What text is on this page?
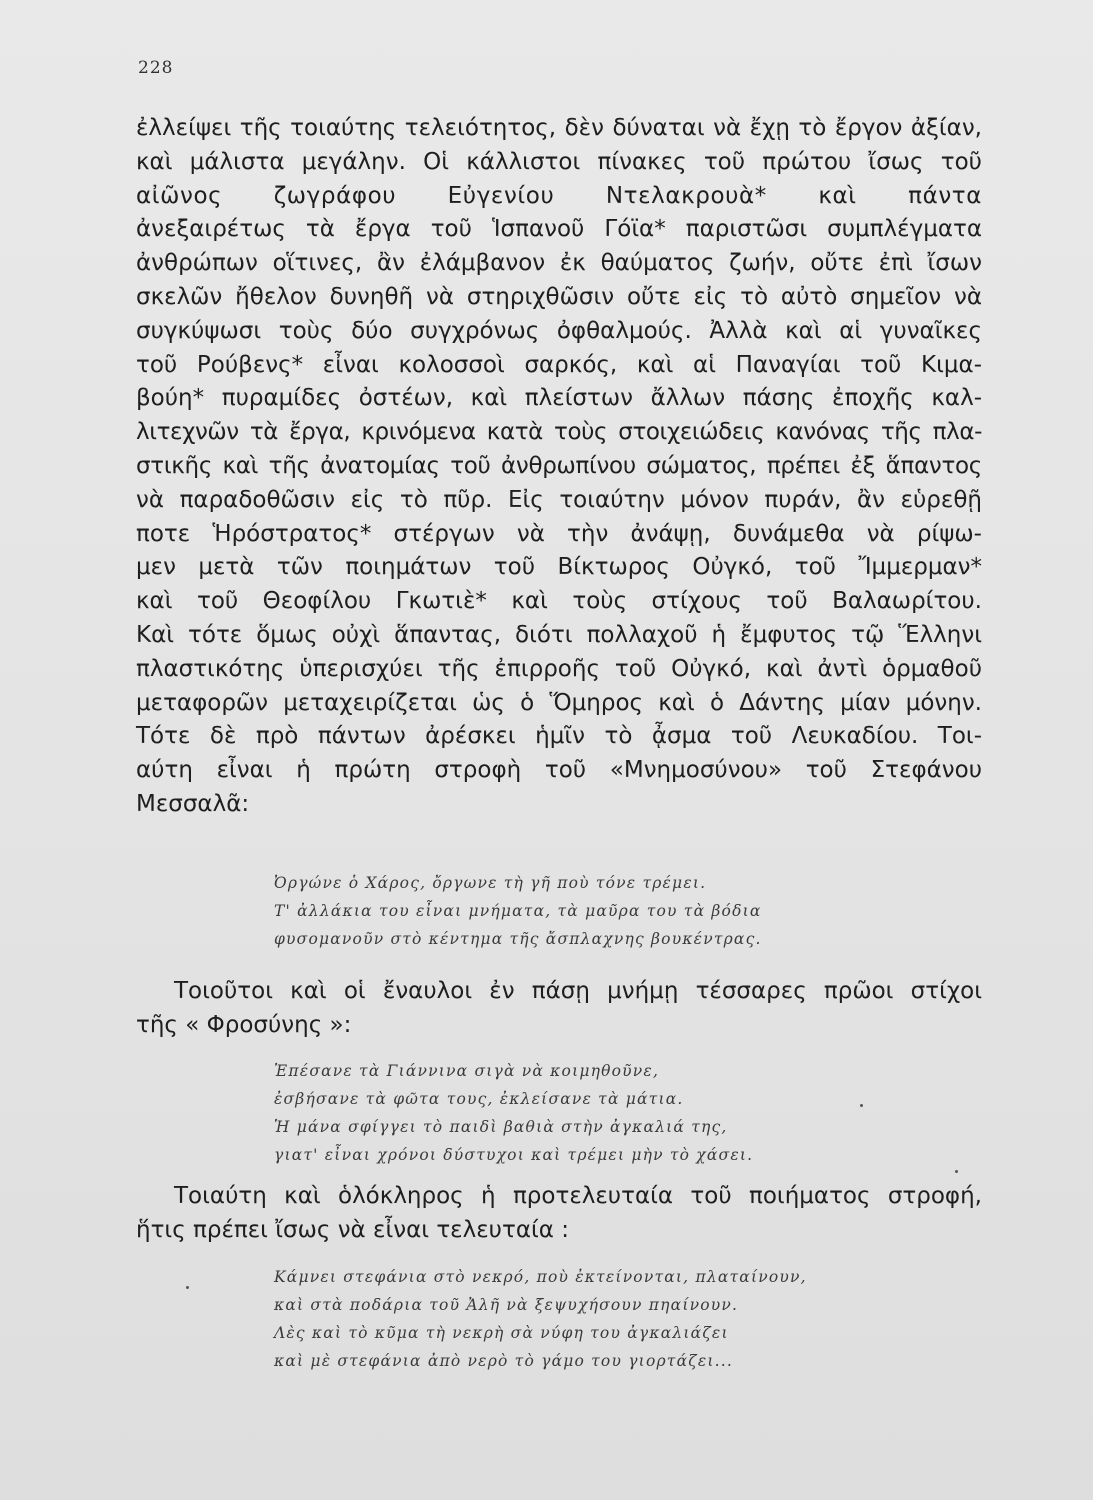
228
ἐλλείψει τῆς τοιαύτης τελειότητος, δὲν δύναται νὰ ἔχῃ τὸ ἔργον ἀξίαν,
καὶ μάλιστα μεγάλην. Οἱ κάλλιστοι πίνακες τοῦ πρώτου ἴσως τοῦ
αἰῶνος ζωγράφου Εὐγενίου Ντελακρουὰ* καὶ πάντα
ἀνεξαιρέτως τὰ ἔργα τοῦ Ἱσπανοῦ Γόϊα* παριστῶσι συμπλέγματα
ἀνθρώπων οἵτινες, ἂν ἐλάμβανον ἐκ θαύματος ζωήν, οὔτε ἐπὶ ἴσων
σκελῶν ἤθελον δυνηθῆ νὰ στηριχθῶσιν οὔτε εἰς τὸ αὐτὸ σημεῖον νὰ
συγκύψωσι τοὺς δύο συγχρόνως ὀφθαλμούς. Ἀλλὰ καὶ αἱ γυναῖκες
τοῦ Ρούβενς* εἶναι κολοσσοὶ σαρκός, καὶ αἱ Παναγίαι τοῦ Κιμα-
βούη* πυραμίδες ὀστέων, καὶ πλείστων ἄλλων πάσης ἐποχῆς καλ-
λιτεχνῶν τὰ ἔργα, κρινόμενα κατὰ τοὺς στοιχειώδεις κανόνας τῆς πλα-
στικῆς καὶ τῆς ἀνατομίας τοῦ ἀνθρωπίνου σώματος, πρέπει ἐξ ἅπαντος
νὰ παραδοθῶσιν εἰς τὸ πῦρ. Εἰς τοιαύτην μόνον πυράν, ἂν εὑρεθῇ
ποτε Ἡρόστρατος* στέργων νὰ τὴν ἀνάψῃ, δυνάμεθα νὰ ρίψω-
μεν μετὰ τῶν ποιημάτων τοῦ Βίκτωρος Οὐγκό, τοῦ Ἴμμερμαν*
καὶ τοῦ Θεοφίλου Γκωτιὲ* καὶ τοὺς στίχους τοῦ Βαλαωρίτου.
Καὶ τότε ὅμως οὐχὶ ἅπαντας, διότι πολλαχοῦ ἡ ἔμφυτος τῷ Ἕλληνι
πλαστικότης ὑπερισχύει τῆς ἐπιρροῆς τοῦ Οὐγκό, καὶ ἀντὶ ὁρμαθοῦ
μεταφορῶν μεταχειρίζεται ὡς ὁ Ὅμηρος καὶ ὁ Δάντης μίαν μόνην.
Τότε δὲ πρὸ πάντων ἀρέσκει ἡμῖν τὸ ᾆσμα τοῦ Λευκαδίου. Τοι-
αύτη εἶναι ἡ πρώτη στροφὴ τοῦ «Μνημοσύνου» τοῦ Στεφάνου
Μεσσαλᾶ:
Ὀργώνε ὁ Χάρος, ὄργωνε τὴ γῆ ποὺ τόνε τρέμει.
Τ' ἀλλάκια του εἶναι μνήματα, τὰ μαῦρα του τὰ βόδια
φυσομανοῦν στὸ κέντημα τῆς ἄσπλαχνης βουκέντρας.
Τοιοῦτοι καὶ οἱ ἔναυλοι ἐν πάσῃ μνήμῃ τέσσαρες πρῶοι στίχοι
τῆς « Φροσύνης »:
Ἐπέσανε τὰ Γιάννινα σιγὰ νὰ κοιμηθοῦνε,
ἐσβήσανε τὰ φῶτα τους, ἐκλείσανε τὰ μάτια.
Ἡ μάνα σφίγγει τὸ παιδὶ βαθιὰ στὴν ἀγκαλιά της,
γιατ' εἶναι χρόνοι δύστυχοι καὶ τρέμει μὴν τὸ χάσει.
Τοιαύτη καὶ ὁλόκληρος ἡ προτελευταία τοῦ ποιήματος στροφή,
ἥτις πρέπει ἴσως νὰ εἶναι τελευταία :
Κάμνει στεφάνια στὸ νεκρό, ποὺ ἐκτείνονται, πλαταίνουν,
καὶ στὰ ποδάρια τοῦ Ἀλῆ νὰ ξεψυχήσουν πηαίνουν.
Λὲς καὶ τὸ κῦμα τὴ νεκρὴ σὰ νύφη του ἀγκαλιάζει
καὶ μὲ στεφάνια ἀπὸ νερὸ τὸ γάμο του γιορτάζει...
